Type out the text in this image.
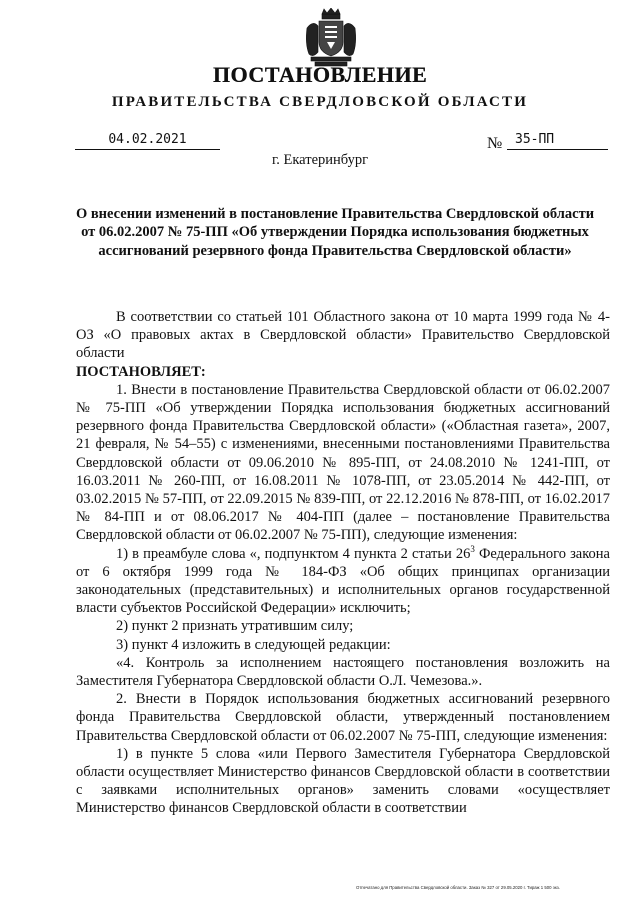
ПОСТАНОВЛЕНИЕ
ПРАВИТЕЛЬСТВА СВЕРДЛОВСКОЙ ОБЛАСТИ
04.02.2021	№ 35-ПП
г. Екатеринбург
О внесении изменений в постановление Правительства Свердловской области от 06.02.2007 № 75-ПП «Об утверждении Порядка использования бюджетных ассигнований резервного фонда Правительства Свердловской области»

В соответствии со статьей 101 Областного закона от 10 марта 1999 года № 4-ОЗ «О правовых актах в Свердловской области» Правительство Свердловской области

ПОСТАНОВЛЯЕТ:

1. Внести в постановление Правительства Свердловской области от 06.02.2007 № 75-ПП «Об утверждении Порядка использования бюджетных ассигнований резервного фонда Правительства Свердловской области» («Областная газета», 2007, 21 февраля, № 54–55) с изменениями, внесенными постановлениями Правительства Свердловской области от 09.06.2010 № 895-ПП, от 24.08.2010 № 1241-ПП, от 16.03.2011 № 260-ПП, от 16.08.2011 № 1078-ПП, от 23.05.2014 № 442-ПП, от 03.02.2015 № 57-ПП, от 22.09.2015 № 839-ПП, от 22.12.2016 № 878-ПП, от 16.02.2017 № 84-ПП и от 08.06.2017 № 404-ПП (далее – постановление Правительства Свердловской области от 06.02.2007 № 75-ПП), следующие изменения:

1) в преамбуле слова «, подпунктом 4 пункта 2 статьи $26^3$ Федерального закона от 6 октября 1999 года № 184-ФЗ «Об общих принципах организации законодательных (представительных) и исполнительных органов государственной власти субъектов Российской Федерации» исключить;

2) пункт 2 признать утратившим силу;

3) пункт 4 изложить в следующей редакции:

«4. Контроль за исполнением настоящего постановления возложить на Заместителя Губернатора Свердловской области О.Л. Чемезова.».

2. Внести в Порядок использования бюджетных ассигнований резервного фонда Правительства Свердловской области, утвержденный постановлением Правительства Свердловской области от 06.02.2007 № 75-ПП, следующие изменения:

1) в пункте 5 слова «или Первого Заместителя Губернатора Свердловской области осуществляет Министерство финансов Свердловской области в соответствии с заявками исполнительных органов» заменить словами «осуществляет Министерство финансов Свердловской области в соответствии

Отпечатано для Правительства Свердловской области. Заказ № 327 от 29.05.2020 г. Тираж 1 500 экз.
